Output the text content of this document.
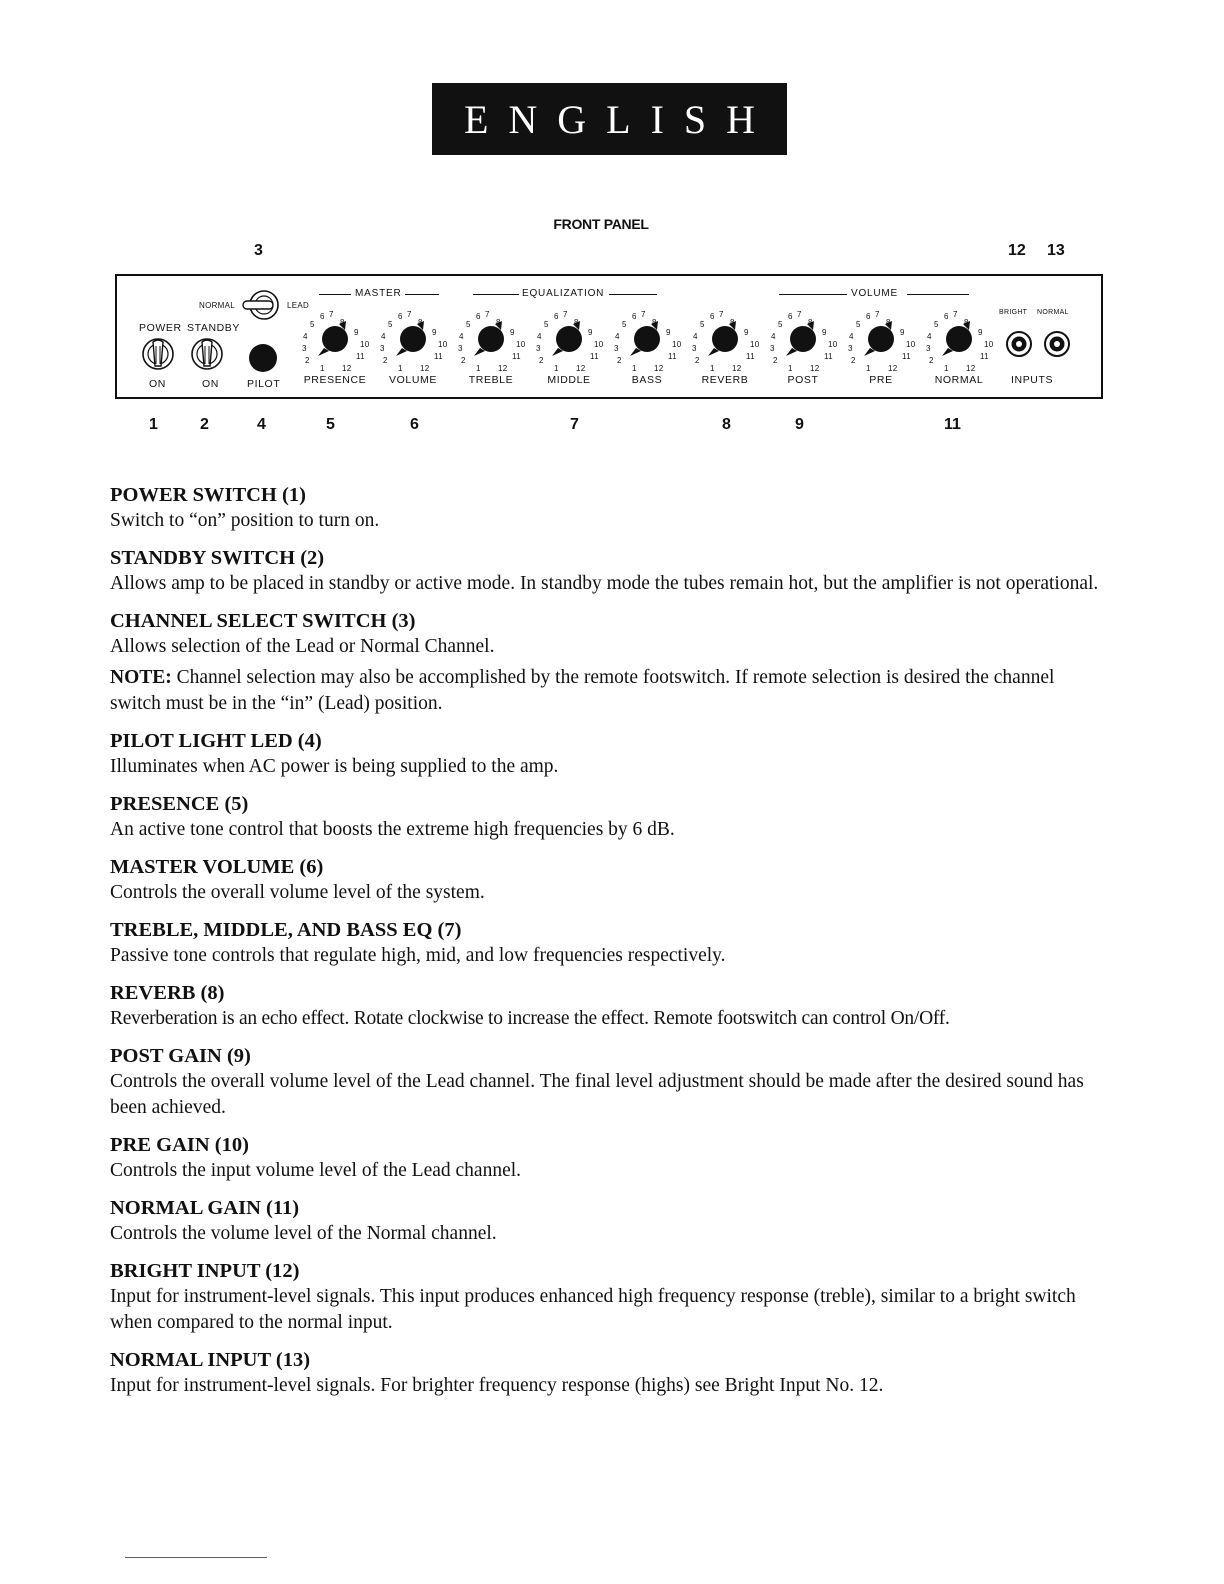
ENGLISH
FRONT PANEL
3	12 13
MASTER	EQUALIZATION	VOLUME
NORMAL	LEAD
POWER STANDBY
ON	ON	PILOT
1
2
3
4
5
6 7
8
9
10
11
12
PRESENCE
1
2
3
4
5
6 7
8
9
10
11
12
VOLUME
1
2
3
4
5
6 7
8
9
10
11
12
TREBLE
1
2
3
4
5
6 7
8
9
10
11
12
MIDDLE
1
2
3
4
5
6 7
8
9
10
11
12
BASS
1
2
3
4
5
6 7
8
9
10
11
12
REVERB
1
2
3
4
5
6 7
8
9
10
11
12
POST
1
2
3
4
5
6 7
8
9
10
11
12
PRE
1
2
3
4
5
6 7
8
9
10
11
12
NORMAL
BRIGHT NORMAL
INPUTS
1	2	4	5	6	7	8	9	11

POWER SWITCH (1)

Switch to “on” position to turn on.

STANDBY SWITCH (2)

Allows amp to be placed in standby or active mode. In standby mode the tubes remain hot, but the amplifier is not operational.

CHANNEL SELECT SWITCH (3)

Allows selection of the Lead or Normal Channel.

NOTE: Channel selection may also be accomplished by the remote footswitch. If remote selection is desired the channel switch must be in the “in” (Lead) position.

PILOT LIGHT LED (4)

Illuminates when AC power is being supplied to the amp.

PRESENCE (5)

An active tone control that boosts the extreme high frequencies by 6 dB.

MASTER VOLUME (6)

Controls the overall volume level of the system.

TREBLE, MIDDLE, AND BASS EQ (7)

Passive tone controls that regulate high, mid, and low frequencies respectively.

REVERB (8)

Reverberation is an echo effect. Rotate clockwise to increase the effect. Remote footswitch can control On/Off.

POST GAIN (9)

Controls the overall volume level of the Lead channel. The final level adjustment should be made after the desired sound has been achieved.

PRE GAIN (10)

Controls the input volume level of the Lead channel.

NORMAL GAIN (11)

Controls the volume level of the Normal channel.

BRIGHT INPUT (12)

Input for instrument-level signals. This input produces enhanced high frequency response (treble), similar to a bright switch when compared to the normal input.

NORMAL INPUT (13)

Input for instrument-level signals. For brighter frequency response (highs) see Bright Input No. 12.
